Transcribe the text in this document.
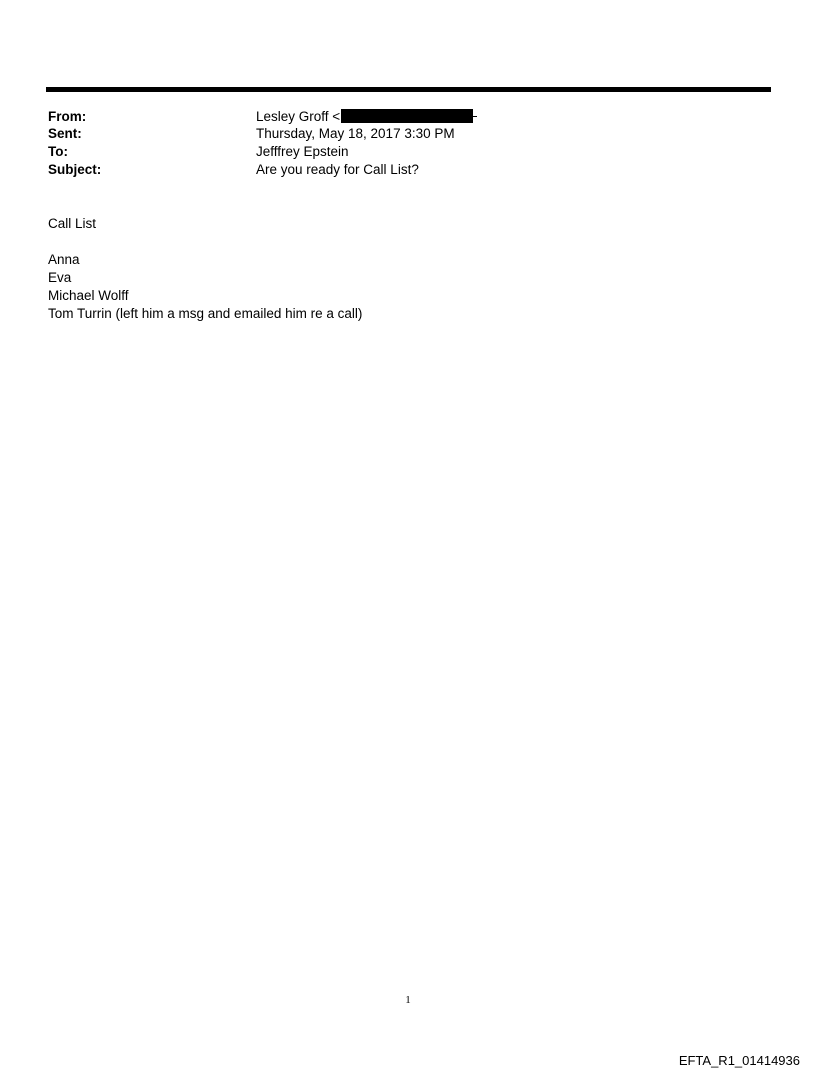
From:	Lesley Groff <
Sent:	Thursday, May 18, 2017 3:30 PM
To:	Jefffrey Epstein
Subject:	Are you ready for Call List?
Call List
Anna
Eva
Michael Wolff
Tom Turrin (left him a msg and emailed him re a call)
1
EFTA_R1_01414936
